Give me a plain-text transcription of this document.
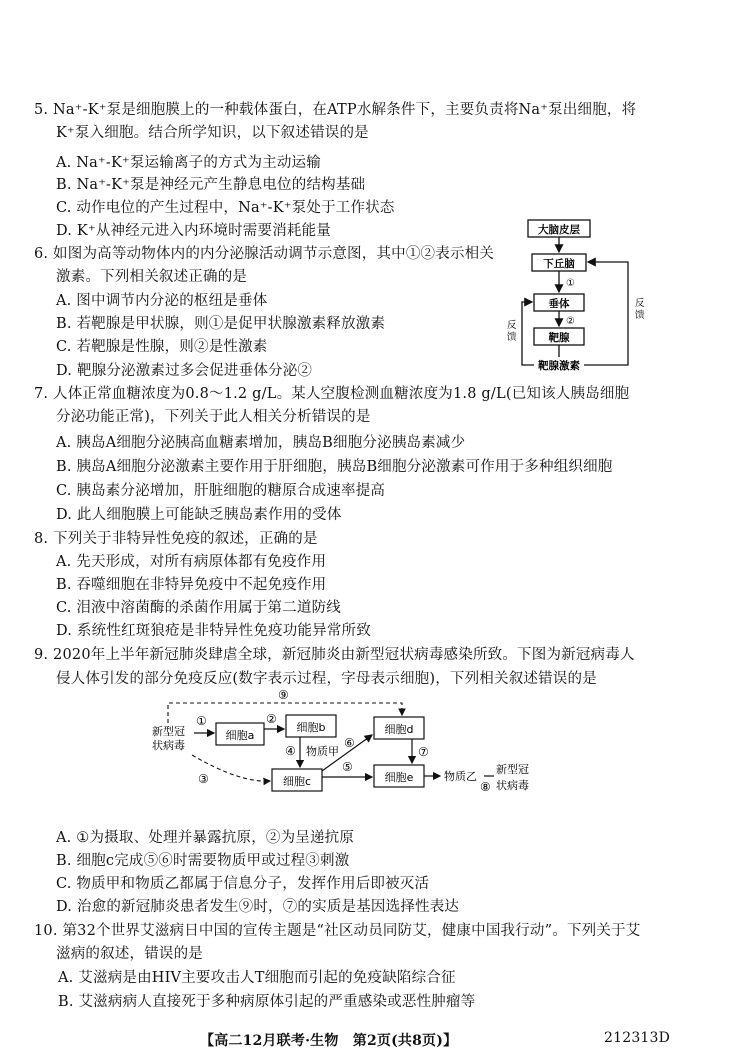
5. Na⁺-K⁺泵是细胞膜上的一种载体蛋白，在ATP水解条件下，主要负责将Na⁺泵出细胞，将
K⁺泵入细胞。结合所学知识，以下叙述错误的是
A. Na⁺-K⁺泵运输离子的方式为主动运输
B. Na⁺-K⁺泵是神经元产生静息电位的结构基础
C. 动作电位的产生过程中，Na⁺-K⁺泵处于工作状态
D. K⁺从神经元进入内环境时需要消耗能量
6. 如图为高等动物体内的内分泌腺活动调节示意图，其中①②表示相关
激素。下列相关叙述正确的是
A. 图中调节内分泌的枢纽是垂体
B. 若靶腺是甲状腺，则①是促甲状腺激素释放激素
C. 若靶腺是性腺，则②是性激素
D. 靶腺分泌激素过多会促进垂体分泌②
大脑皮层
下丘脑
①
垂体
②
靶腺
靶腺激素
反
馈
反
馈
7. 人体正常血糖浓度为0.8～1.2 g/L。某人空腹检测血糖浓度为1.8 g/L(已知该人胰岛细胞
分泌功能正常)，下列关于此人相关分析错误的是
A. 胰岛A细胞分泌胰高血糖素增加，胰岛B细胞分泌胰岛素减少
B. 胰岛A细胞分泌激素主要作用于肝细胞，胰岛B细胞分泌激素可作用于多种组织细胞
C. 胰岛素分泌增加，肝脏细胞的糖原合成速率提高
D. 此人细胞膜上可能缺乏胰岛素作用的受体
8. 下列关于非特异性免疫的叙述，正确的是
A. 先天形成，对所有病原体都有免疫作用
B. 吞噬细胞在非特异免疫中不起免疫作用
C. 泪液中溶菌酶的杀菌作用属于第二道防线
D. 系统性红斑狼疮是非特异性免疫功能异常所致
9. 2020年上半年新冠肺炎肆虐全球，新冠肺炎由新型冠状病毒感染所致。下图为新冠病毒人
侵人体引发的部分免疫反应(数字表示过程，字母表示细胞)，下列相关叙述错误的是
新型冠
状病毒
⑨
细胞a
①	细胞b
②
④ 物质甲
③	细胞c
细胞d
⑥
细胞e
⑤
⑦
物质乙
新型冠
⑧ 状病毒
A. ①为摄取、处理并暴露抗原，②为呈递抗原
B. 细胞c完成⑤⑥时需要物质甲或过程③刺激
C. 物质甲和物质乙都属于信息分子，发挥作用后即被灭活
D. 治愈的新冠肺炎患者发生⑨时，⑦的实质是基因选择性表达
10. 第32个世界艾滋病日中国的宣传主题是“社区动员同防艾，健康中国我行动”。下列关于艾
滋病的叙述，错误的是
A. 艾滋病是由HIV主要攻击人T细胞而引起的免疫缺陷综合征
B. 艾滋病病人直接死于多种病原体引起的严重感染或恶性肿瘤等
【高二12月联考·生物　第2页(共8页)】	212313D
